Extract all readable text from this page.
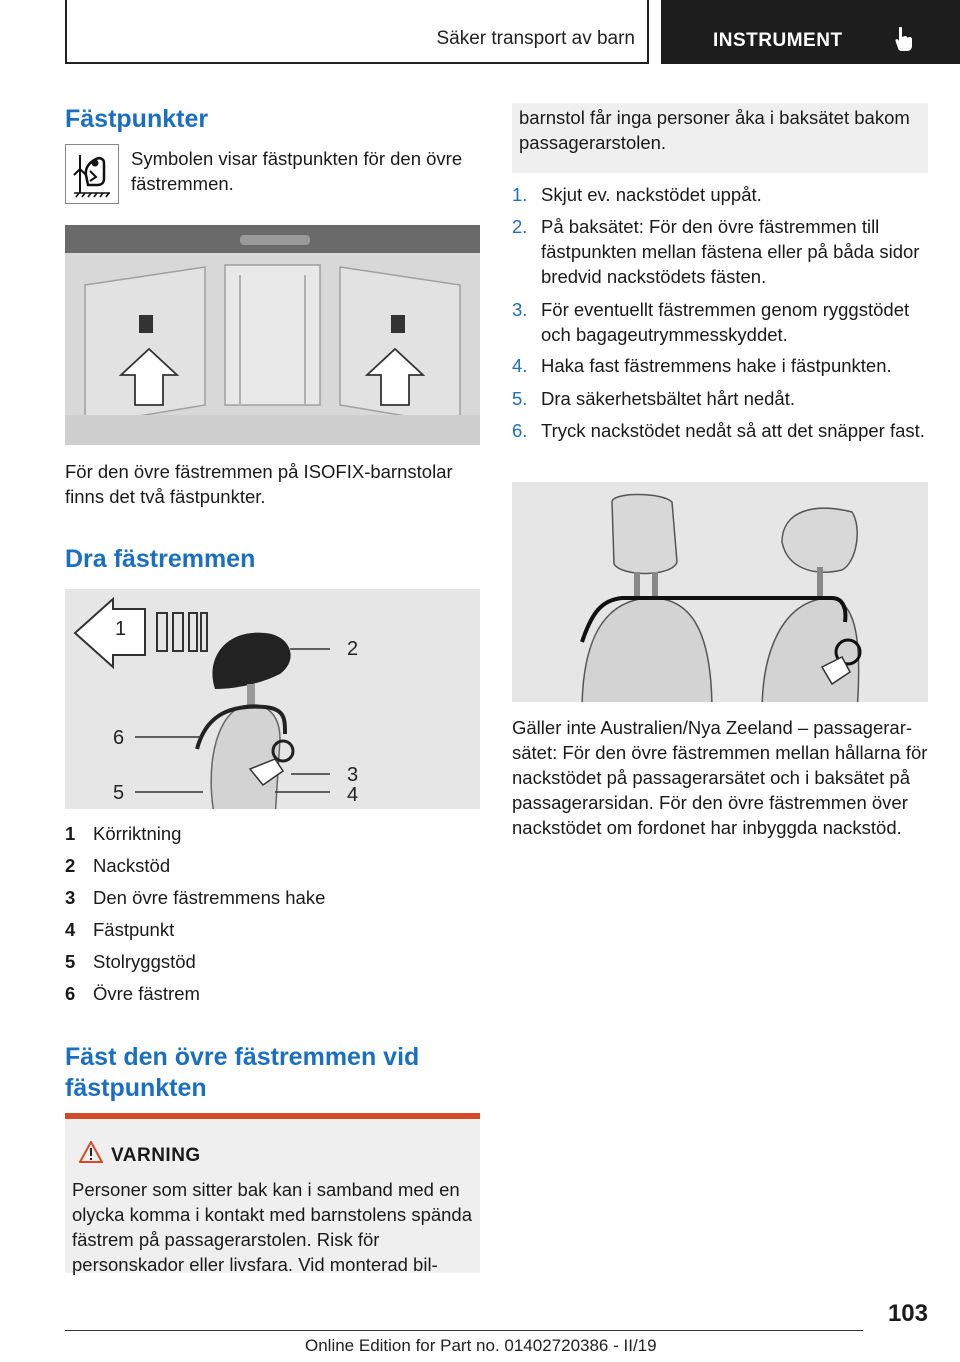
Säker transport av barn	INSTRUMENT
Fästpunkter

Symbolen visar fästpunkten för den övre fästremmen.

För den övre fästremmen på ISOFIX-barnstolar finns det två fästpunkter.

Dra fästremmen
1
2
6
3
5	4
1 Körriktning
2 Nackstöd
3 Den övre fästremmens hake
4 Fästpunkt
5 Stolryggstöd
6 Övre fästrem
Fäst den övre fästremmen vid
fästpunkten
VARNING

Personer som sitter bak kan i samband med en olycka komma i kontakt med barnstolens spända fästrem på passagerarstolen. Risk för personskador eller livsfara. Vid monterad bil-

barnstol får inga personer åka i baksätet bakom passagerarstolen.

1. Skjut ev. nackstödet uppåt.
2. På baksätet: För den övre fästremmen till fästpunkten mellan fästena eller på båda sidor bredvid nackstödets fästen.
3. För eventuellt fästremmen genom ryggstödet och bagageutrymmesskyddet.
4. Haka fast fästremmens hake i fästpunkten.
5. Dra säkerhetsbältet hårt nedåt.
6. Tryck nackstödet nedåt så att det snäpper fast.

Gäller inte Australien/Nya Zeeland – passagerarsätet: För den övre fästremmen mellan hållarna för nackstödet på passagerarsätet och i baksätet på passagerarsidan. För den övre fästremmen över nackstödet om fordonet har inbyggda nackstöd.

103
Online Edition for Part no. 01402720386 - II/19
